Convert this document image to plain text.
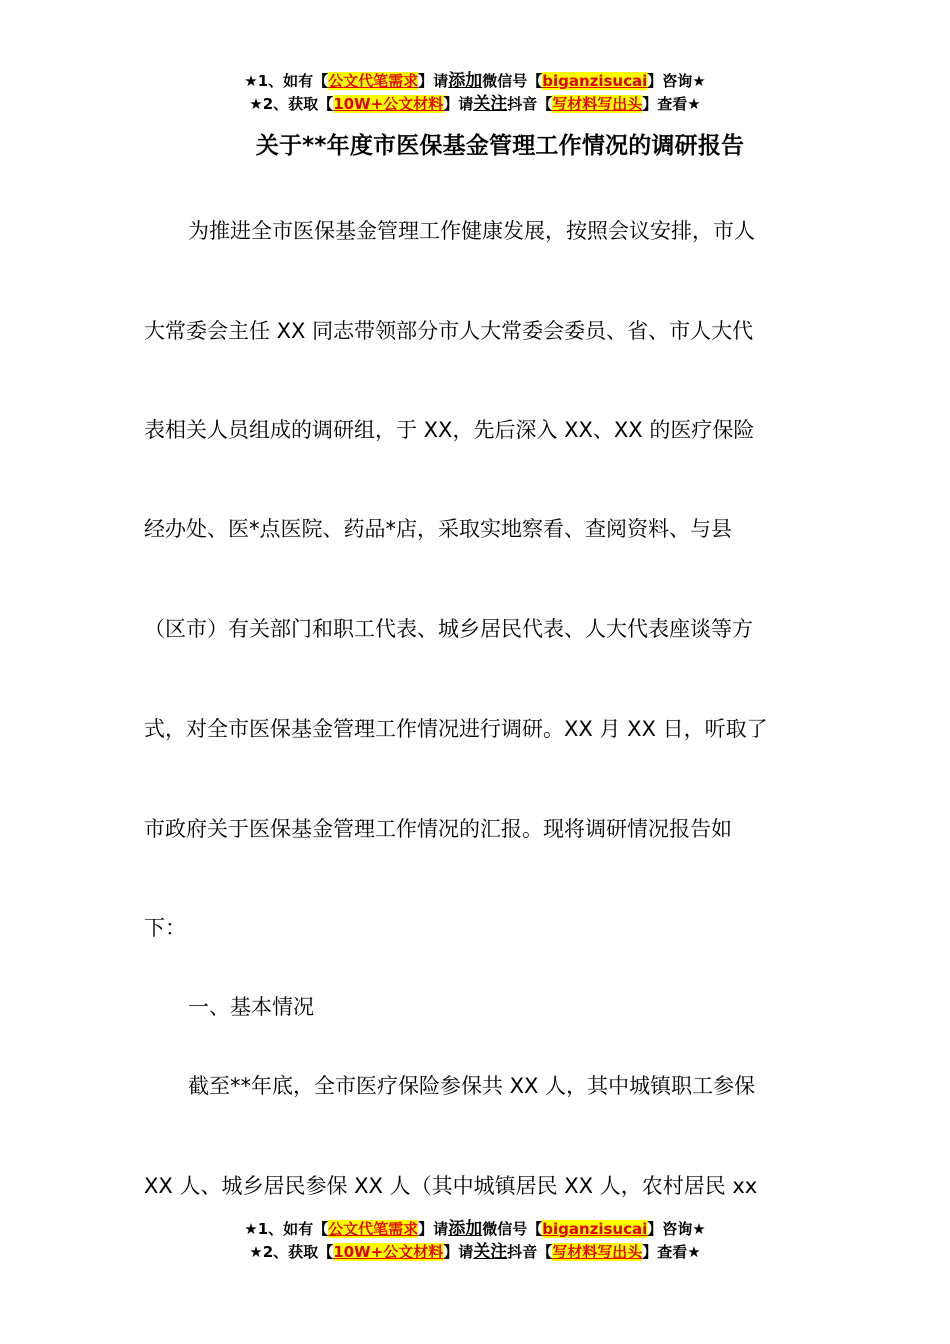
★1、如有【公文代笔需求】请添加微信号【biganzisucai】咨询★
★2、获取【10W+公文材料】请关注抖音【写材料写出头】查看★
关于**年度市医保基金管理工作情况的调研报告
为推进全市医保基金管理工作健康发展，按照会议安排，市人
大常委会主任 XX 同志带领部分市人大常委会委员、省、市人大代
表相关人员组成的调研组，于 XX，先后深入 XX、XX 的医疗保险
经办处、医*点医院、药品*店，采取实地察看、查阅资料、与县
（区市）有关部门和职工代表、城乡居民代表、人大代表座谈等方
式，对全市医保基金管理工作情况进行调研。XX 月 XX 日，听取了
市政府关于医保基金管理工作情况的汇报。现将调研情况报告如
下：
一、基本情况
截至**年底，全市医疗保险参保共 XX 人，其中城镇职工参保
XX 人、城乡居民参保 XX 人（其中城镇居民 XX 人，农村居民 xx
★1、如有【公文代笔需求】请添加微信号【biganzisucai】咨询★
★2、获取【10W+公文材料】请关注抖音【写材料写出头】查看★
